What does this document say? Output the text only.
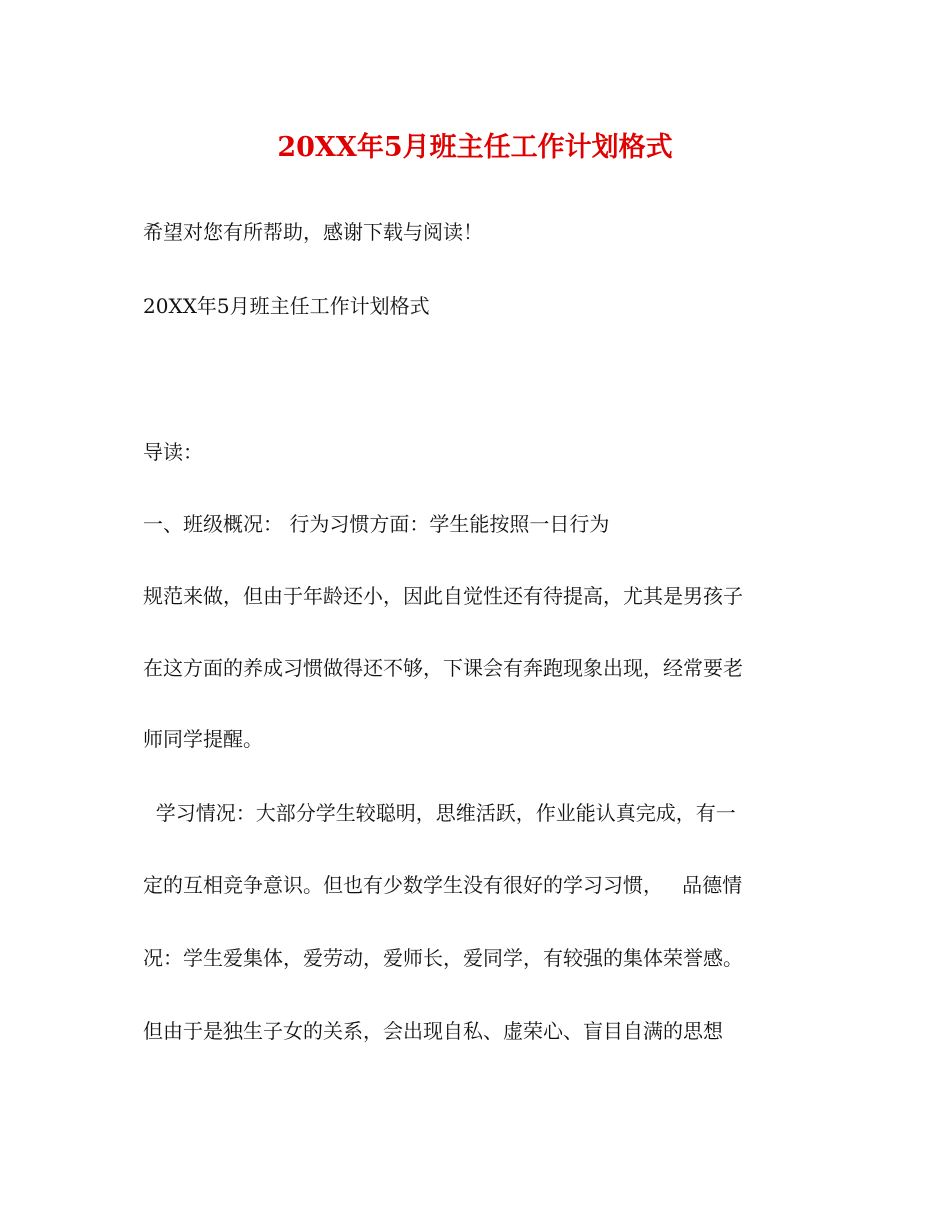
20XX年5月班主任工作计划格式
希望对您有所帮助，感谢下载与阅读！
20XX年5月班主任工作计划格式
导读：
一、班级概况： 行为习惯方面：学生能按照一日行为
规范来做，但由于年龄还小，因此自觉性还有待提高，尤其是男孩子
在这方面的养成习惯做得还不够，下课会有奔跑现象出现，经常要老
师同学提醒。
学习情况：大部分学生较聪明，思维活跃，作业能认真完成，有一
定的互相竞争意识。但也有少数学生没有很好的学习习惯，   品德情
况：学生爱集体，爱劳动，爱师长，爱同学，有较强的集体荣誉感。
但由于是独生子女的关系，会出现自私、虚荣心、盲目自满的思想
